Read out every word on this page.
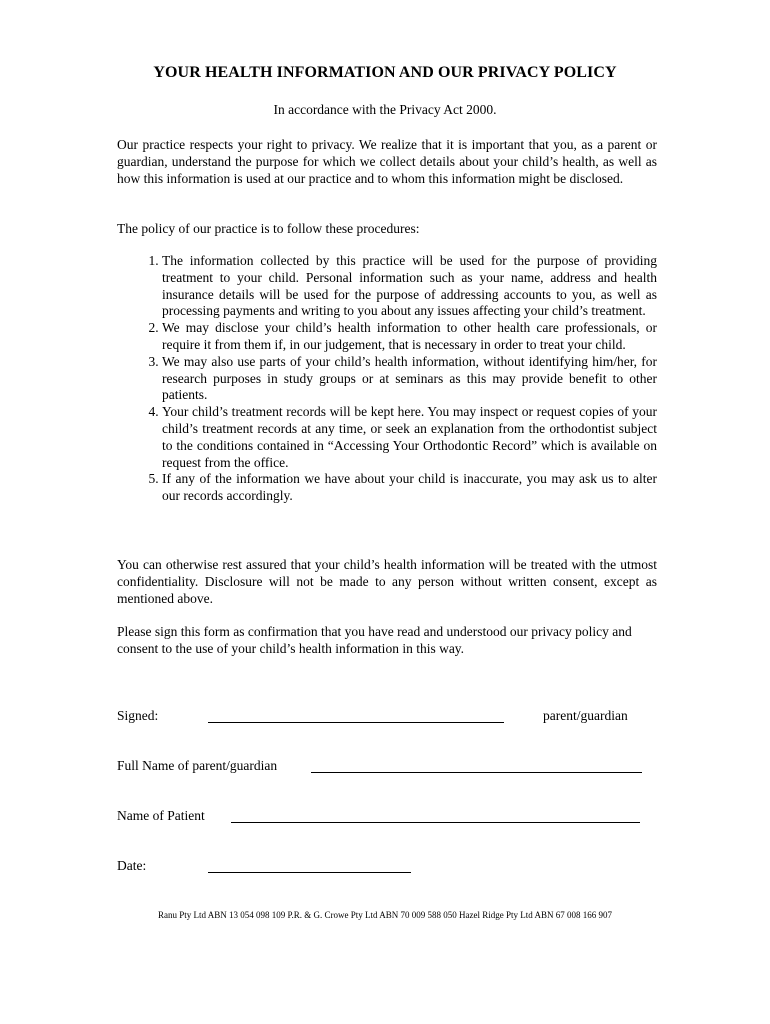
YOUR HEALTH INFORMATION AND OUR PRIVACY POLICY
In accordance with the Privacy Act 2000.
Our practice respects your right to privacy. We realize that it is important that you, as a parent or guardian, understand the purpose for which we collect details about your child’s health, as well as how this information is used at our practice and to whom this information might be disclosed.
The policy of our practice is to follow these procedures:
1. The information collected by this practice will be used for the purpose of providing treatment to your child. Personal information such as your name, address and health insurance details will be used for the purpose of addressing accounts to you, as well as processing payments and writing to you about any issues affecting your child’s treatment.
2. We may disclose your child’s health information to other health care professionals, or require it from them if, in our judgement, that is necessary in order to treat your child.
3. We may also use parts of your child’s health information, without identifying him/her, for research purposes in study groups or at seminars as this may provide benefit to other patients.
4. Your child’s treatment records will be kept here. You may inspect or request copies of your child’s treatment records at any time, or seek an explanation from the orthodontist subject to the conditions contained in “Accessing Your Orthodontic Record” which is available on request from the office.
5. If any of the information we have about your child is inaccurate, you may ask us to alter our records accordingly.
You can otherwise rest assured that your child’s health information will be treated with the utmost confidentiality. Disclosure will not be made to any person without written consent, except as mentioned above.
Please sign this form as confirmation that you have read and understood our privacy policy and consent to the use of your child’s health information in this way.
Signed:	parent/guardian
Full Name of parent/guardian
Name of Patient
Date:
Ranu Pty Ltd ABN 13 054 098 109 P.R. & G. Crowe Pty Ltd ABN 70 009 588 050 Hazel Ridge Pty Ltd ABN 67 008 166 907
